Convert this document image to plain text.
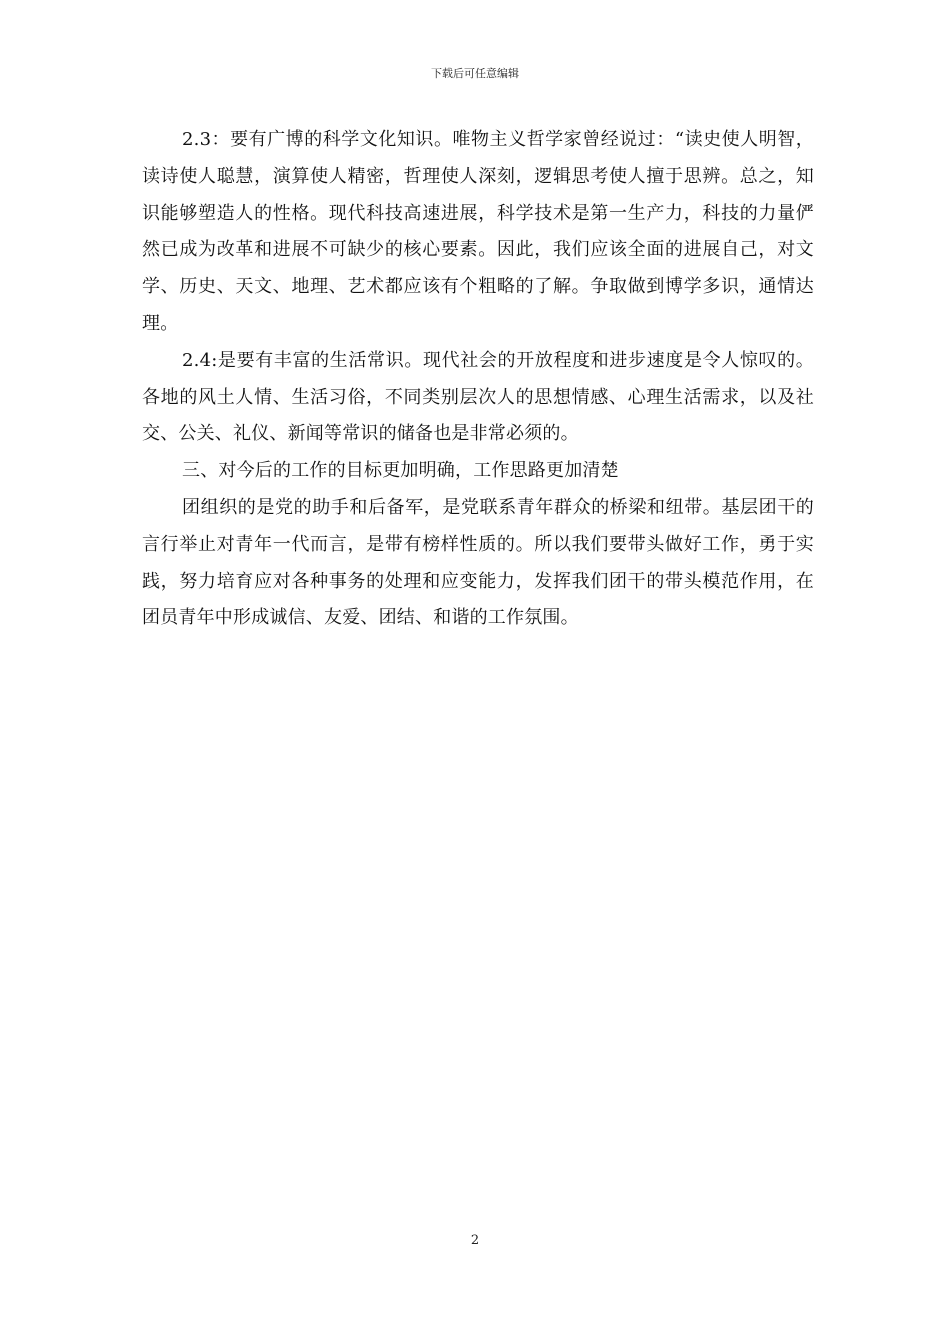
下载后可任意编辑

2.3：要有广博的科学文化知识。唯物主义哲学家曾经说过：“读史使人明智，读诗使人聪慧，演算使人精密，哲理使人深刻，逻辑思考使人擅于思辨。总之，知识能够塑造人的性格。现代科技高速进展，科学技术是第一生产力，科技的力量俨然已成为改革和进展不可缺少的核心要素。因此，我们应该全面的进展自己，对文学、历史、天文、地理、艺术都应该有个粗略的了解。争取做到博学多识，通情达理。

2.4:是要有丰富的生活常识。现代社会的开放程度和进步速度是令人惊叹的。各地的风土人情、生活习俗，不同类别层次人的思想情感、心理生活需求，以及社交、公关、礼仪、新闻等常识的储备也是非常必须的。

三、对今后的工作的目标更加明确，工作思路更加清楚

团组织的是党的助手和后备军，是党联系青年群众的桥梁和纽带。基层团干的言行举止对青年一代而言，是带有榜样性质的。所以我们要带头做好工作，勇于实践，努力培育应对各种事务的处理和应变能力，发挥我们团干的带头模范作用，在团员青年中形成诚信、友爱、团结、和谐的工作氛围。

2
